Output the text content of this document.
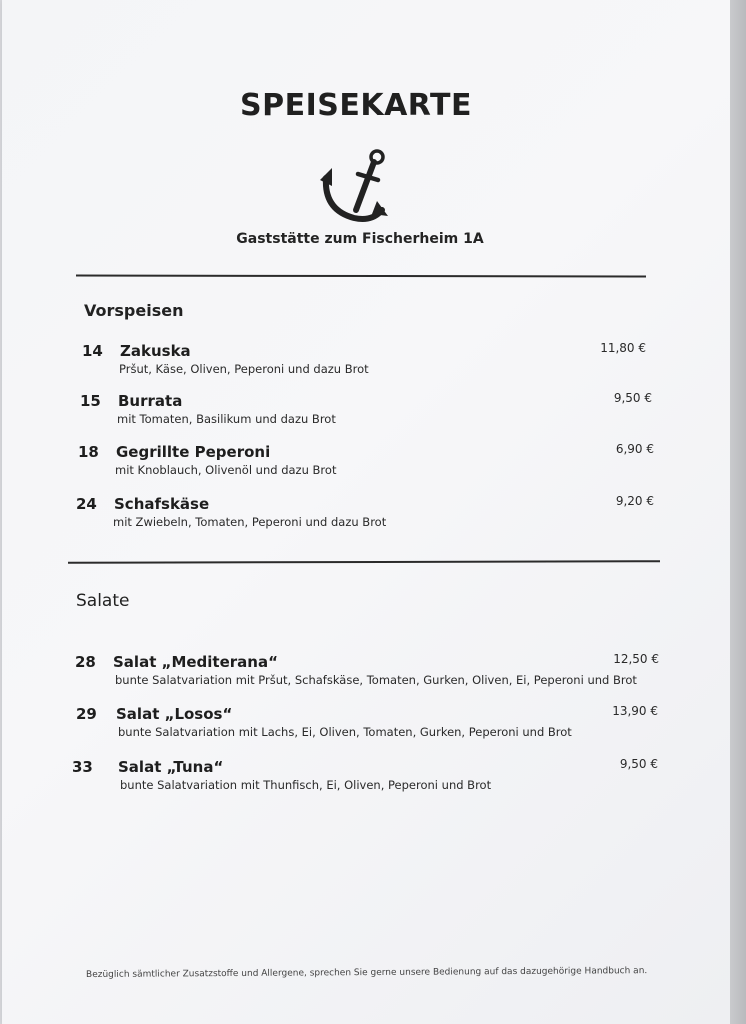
SPEISEKARTE
Gaststätte zum Fischerheim 1A
Vorspeisen
14 Zakuska
Pršut, Käse, Oliven, Peperoni und dazu Brot
11,80 €
15 Burrata
mit Tomaten, Basilikum und dazu Brot
9,50 €
18 Gegrillte Peperoni
mit Knoblauch, Olivenöl und dazu Brot
6,90 €
24 Schafskäse
mit Zwiebeln, Tomaten, Peperoni und dazu Brot
9,20 €
Salate
28 Salat „Mediterana“
bunte Salatvariation mit Pršut, Schafskäse, Tomaten, Gurken, Oliven, Ei, Peperoni und Brot
12,50 €
29 Salat „Losos“
bunte Salatvariation mit Lachs, Ei, Oliven, Tomaten, Gurken, Peperoni und Brot
13,90 €
33 Salat „Tuna“
bunte Salatvariation mit Thunfisch, Ei, Oliven, Peperoni und Brot
9,50 €
Bezüglich sämtlicher Zusatzstoffe und Allergene, sprechen Sie gerne unsere Bedienung auf das dazugehörige Handbuch an.
